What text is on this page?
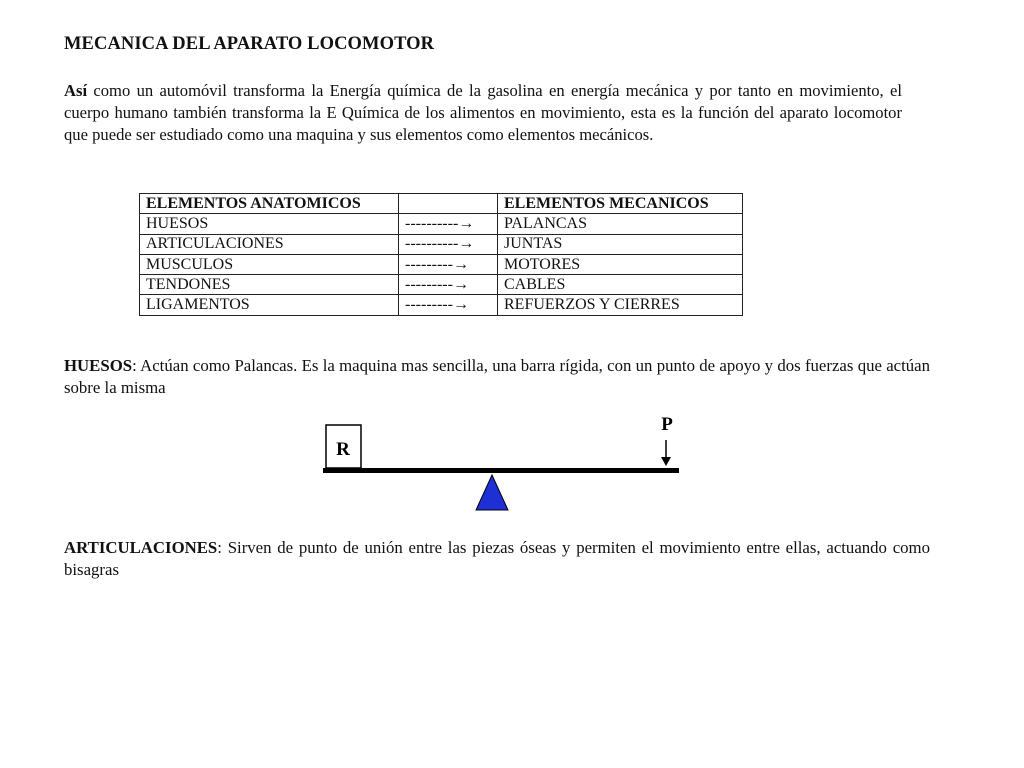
MECANICA DEL APARATO LOCOMOTOR

Así como un automóvil transforma la Energía química de la gasolina en energía mecánica y por tanto en movimiento, el cuerpo humano también transforma la E Química de los alimentos en movimiento, esta es la función del aparato locomotor que puede ser estudiado como una maquina y sus elementos como elementos mecánicos.

ELEMENTOS ANATOMICOS		ELEMENTOS MECANICOS
HUESOS	----------→	PALANCAS
ARTICULACIONES	----------→	JUNTAS
MUSCULOS	---------→	MOTORES
TENDONES	---------→	CABLES
LIGAMENTOS	---------→	REFUERZOS Y CIERRES

HUESOS: Actúan como Palancas. Es la maquina mas sencilla, una barra rígida, con un punto de apoyo y dos fuerzas que actúan sobre la misma

R
P

ARTICULACIONES: Sirven de punto de unión entre las piezas óseas y permiten el movimiento entre ellas, actuando como bisagras
